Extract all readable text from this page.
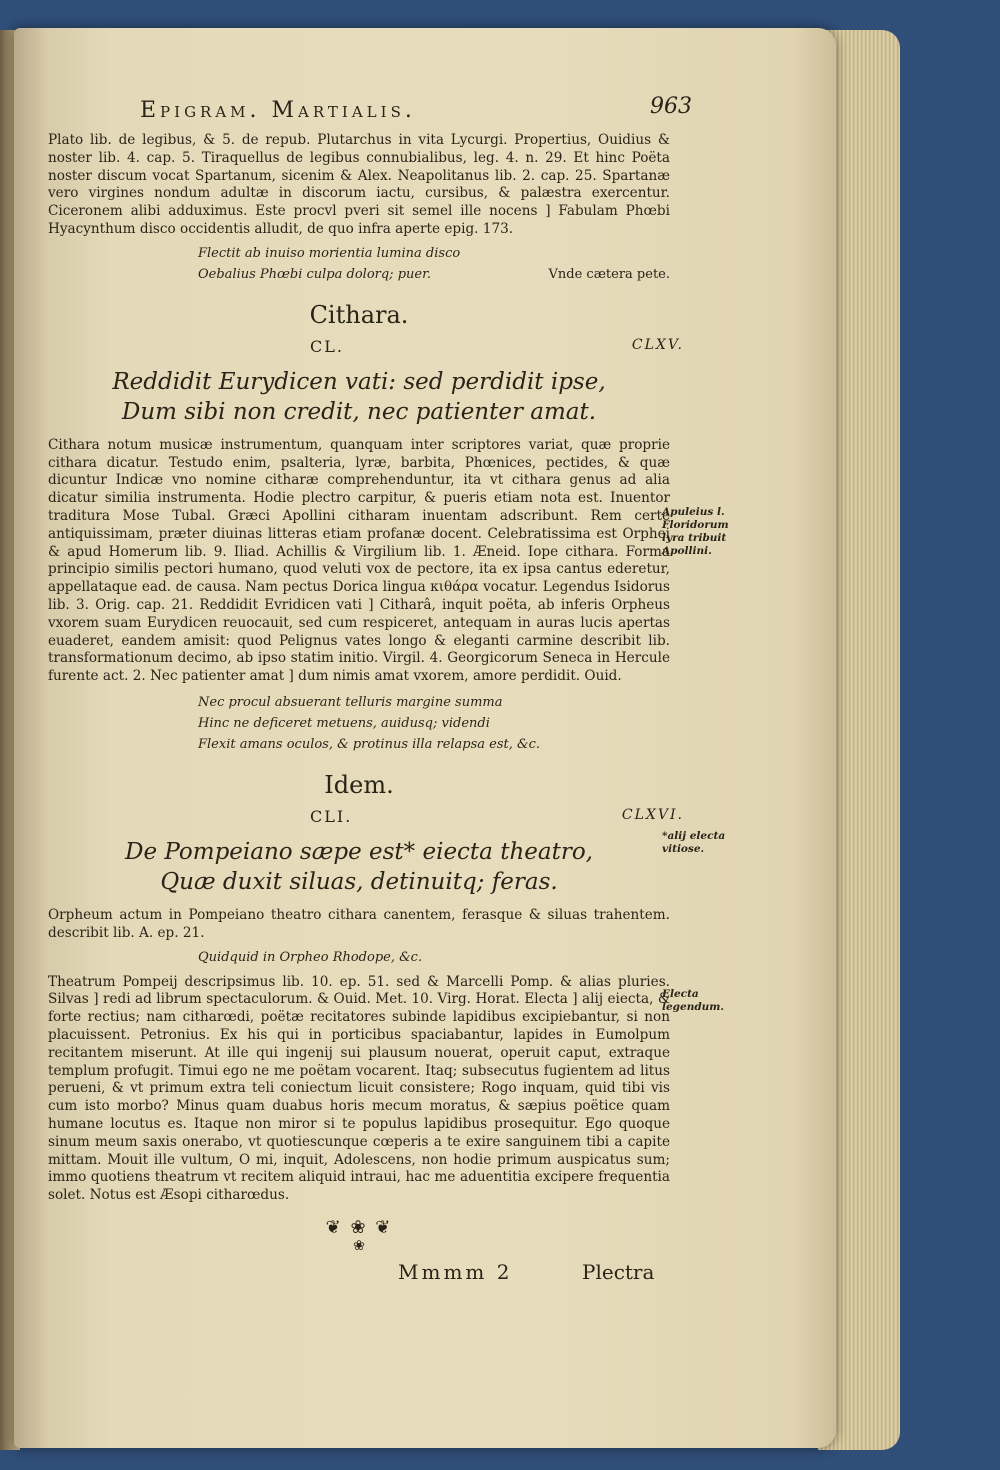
Epigram. Martialis.	963

Plato lib. de legibus, & 5. de repub. Plutarchus in vita Lycurgi. Propertius, Ouidius & noster lib. 4. cap. 5. Tiraquellus de legibus connubialibus, leg. 4. n. 29. Et hinc Poëta noster discum vocat Spartanum, sicenim & Alex. Neapolitanus lib. 2. cap. 25. Spartanæ vero virgines nondum adultæ in discorum iactu, cursibus, & palæstra exercentur. Ciceronem alibi adduximus. Este procvl pveri sit semel ille nocens ] Fabulam Phœbi Hyacynthum disco occidentis alludit, de quo infra aperte epig. 173.

Flectit ab inuiso morientia lumina disco
Oebalius Phœbi culpa dolorq; puer.	Vnde cætera pete.
Cithara.
CL.	CLXV.
Reddidit Eurydicen vati: sed perdidit ipse,
Dum sibi non credit, nec patienter amat.

Cithara notum musicæ instrumentum, quanquam inter scriptores variat, quæ proprie cithara dicatur. Testudo enim, psalteria, lyræ, barbita, Phœnices, pectides, & quæ dicuntur Indicæ vno nomine citharæ comprehenduntur, ita vt cithara genus ad alia dicatur similia instrumenta. Hodie plectro carpitur, & pueris etiam nota est. Inuentor traditura Mose Tubal. Græci Apollini citharam inuentam adscribunt. Rem certe antiquissimam, præter diuinas litteras etiam profanæ docent. Celebratissima est Orphei & apud Homerum lib. 9. Iliad. Achillis & Virgilium lib. 1. Æneid. Iope cithara. Forma principio similis pectori humano, quod veluti vox de pectore, ita ex ipsa cantus ederetur, appellataque ead. de causa. Nam pectus Dorica lingua κιθάρα vocatur. Legendus Isidorus lib. 3. Orig. cap. 21. Reddidit Evridicen vati ] Citharâ, inquit poëta, ab inferis Orpheus vxorem suam Eurydicen reuocauit, sed cum respiceret, antequam in auras lucis apertas euaderet, eandem amisit: quod Pelignus vates longo & eleganti carmine describit lib. transformationum decimo, ab ipso statim initio. Virgil. 4. Georgicorum Seneca in Hercule furente act. 2. Nec patienter amat ] dum nimis amat vxorem, amore perdidit. Ouid.

Nec procul absuerant telluris margine summa
Hinc ne deficeret metuens, auidusq; videndi
Flexit amans oculos, & protinus illa relapsa est, &c.
Idem.
CLI.	CLXVI.
De Pompeiano sæpe est* eiecta theatro,
Quæ duxit siluas, detinuitq; feras.

Orpheum actum in Pompeiano theatro cithara canentem, ferasque & siluas trahentem. describit lib. A. ep. 21.

Quidquid in Orpheo Rhodope, &c.

Theatrum Pompeij descripsimus lib. 10. ep. 51. sed & Marcelli Pomp. & alias pluries. Silvas ] redi ad librum spectaculorum. & Ouid. Met. 10. Virg. Horat. Electa ] alij eiecta, & forte rectius; nam citharœdi, poëtæ recitatores subinde lapidibus excipiebantur, si non placuissent. Petronius. Ex his qui in porticibus spaciabantur, lapides in Eumolpum recitantem miserunt. At ille qui ingenij sui plausum nouerat, operuit caput, extraque templum profugit. Timui ego ne me poëtam vocarent. Itaq; subsecutus fugientem ad litus perueni, & vt primum extra teli coniectum licuit consistere; Rogo inquam, quid tibi vis cum isto morbo? Minus quam duabus horis mecum moratus, & sæpius poëtice quam humane locutus es. Itaque non miror si te populus lapidibus prosequitur. Ego quoque sinum meum saxis onerabo, vt quotiescunque cœperis a te exire sanguinem tibi a capite mittam. Mouit ille vultum, O mi, inquit, Adolescens, non hodie primum auspicatus sum; immo quotiens theatrum vt recitem aliquid intraui, hac me aduentitia excipere frequentia solet. Notus est Æsopi citharœdus.

❦ ❀ ❦
❀
Mmmm 2	Plectra
Apuleius l. Floridorum lyra tribuit Apollini.
*alij electa vitiose.
Electa legendum.
